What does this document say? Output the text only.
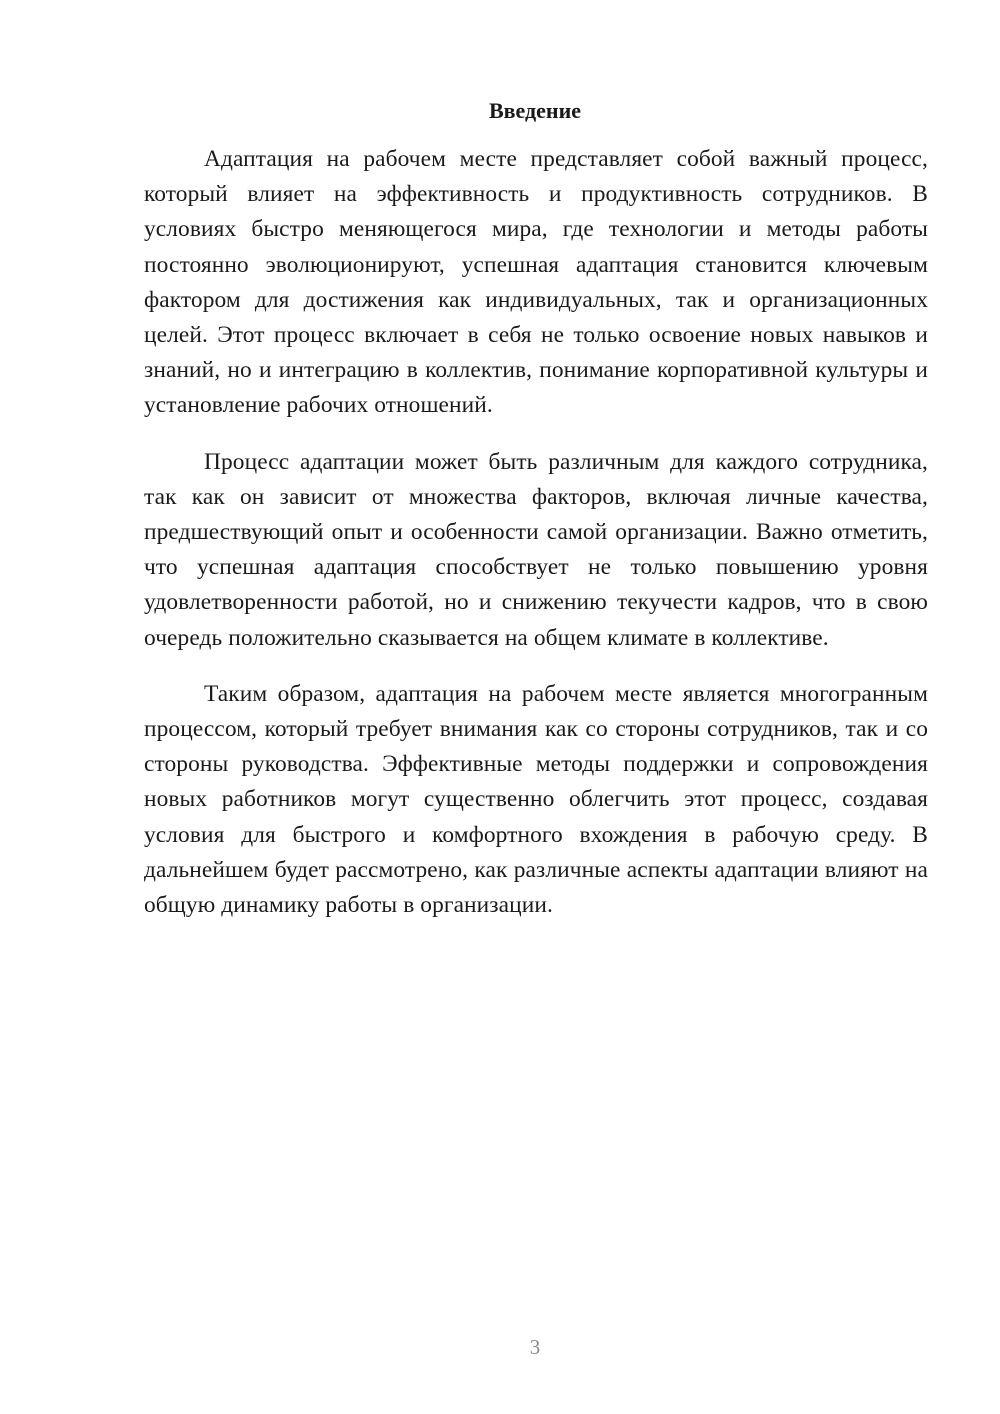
Введение

Адаптация на рабочем месте представляет собой важный процесс, который влияет на эффективность и продуктивность сотрудников. В условиях быстро меняющегося мира, где технологии и методы работы постоянно эволюционируют, успешная адаптация становится ключевым фактором для достижения как индивидуальных, так и организационных целей. Этот процесс включает в себя не только освоение новых навыков и знаний, но и интеграцию в коллектив, понимание корпоративной культуры и установление рабочих отношений.

Процесс адаптации может быть различным для каждого сотрудника, так как он зависит от множества факторов, включая личные качества, предшествующий опыт и особенности самой организации. Важно отметить, что успешная адаптация способствует не только повышению уровня удовлетворенности работой, но и снижению текучести кадров, что в свою очередь положительно сказывается на общем климате в коллективе.

Таким образом, адаптация на рабочем месте является многогранным процессом, который требует внимания как со стороны сотрудников, так и со стороны руководства. Эффективные методы поддержки и сопровождения новых работников могут существенно облегчить этот процесс, создавая условия для быстрого и комфортного вхождения в рабочую среду. В дальнейшем будет рассмотрено, как различные аспекты адаптации влияют на общую динамику работы в организации.

3
